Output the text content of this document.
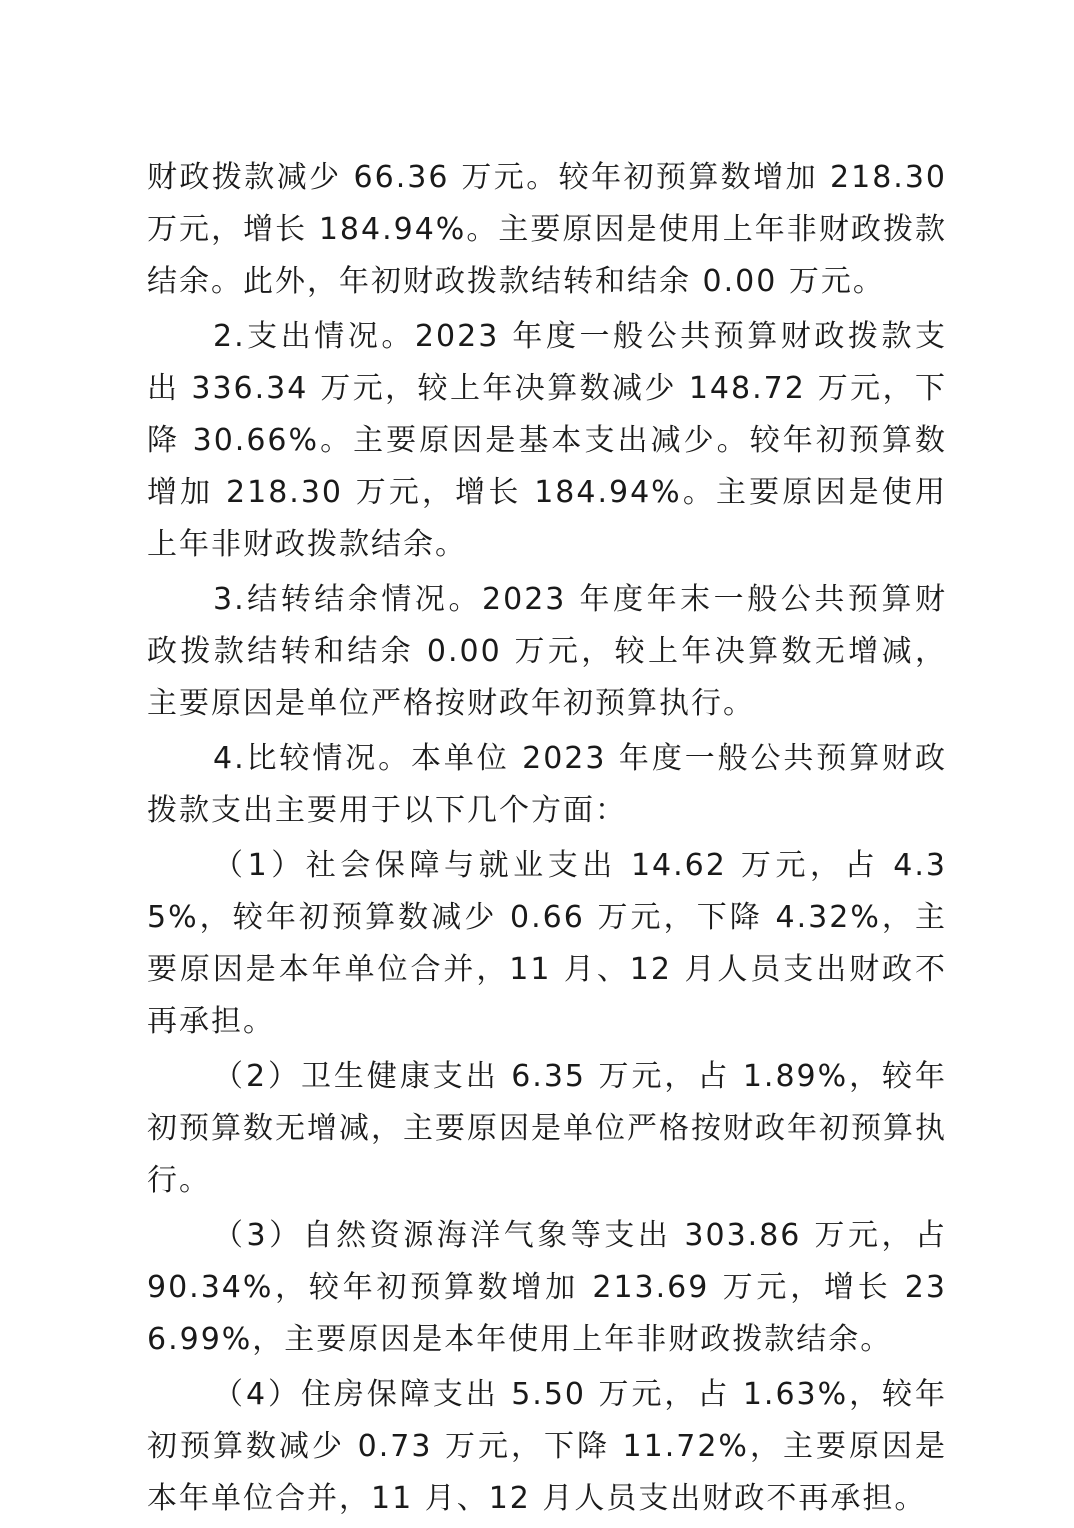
财政拨款减少 66.36 万元。较年初预算数增加 218.30 万元，增长 184.94%。主要原因是使用上年非财政拨款结余。此外，年初财政拨款结转和结余 0.00 万元。

2.支出情况。2023 年度一般公共预算财政拨款支出 336.34 万元，较上年决算数减少 148.72 万元，下降 30.66%。主要原因是基本支出减少。较年初预算数增加 218.30 万元，增长 184.94%。主要原因是使用上年非财政拨款结余。

3.结转结余情况。2023 年度年末一般公共预算财政拨款结转和结余 0.00 万元，较上年决算数无增减，主要原因是单位严格按财政年初预算执行。

4.比较情况。本单位 2023 年度一般公共预算财政拨款支出主要用于以下几个方面：

（1）社会保障与就业支出 14.62 万元，占 4.35%，较年初预算数减少 0.66 万元，下降 4.32%，主要原因是本年单位合并，11 月、12 月人员支出财政不再承担。

（2）卫生健康支出 6.35 万元，占 1.89%，较年初预算数无增减，主要原因是单位严格按财政年初预算执行。

（3）自然资源海洋气象等支出 303.86 万元，占 90.34%，较年初预算数增加 213.69 万元，增长 236.99%，主要原因是本年使用上年非财政拨款结余。

（4）住房保障支出 5.50 万元，占 1.63%，较年初预算数减少 0.73 万元，下降 11.72%，主要原因是本年单位合并，11 月、12 月人员支出财政不再承担。
